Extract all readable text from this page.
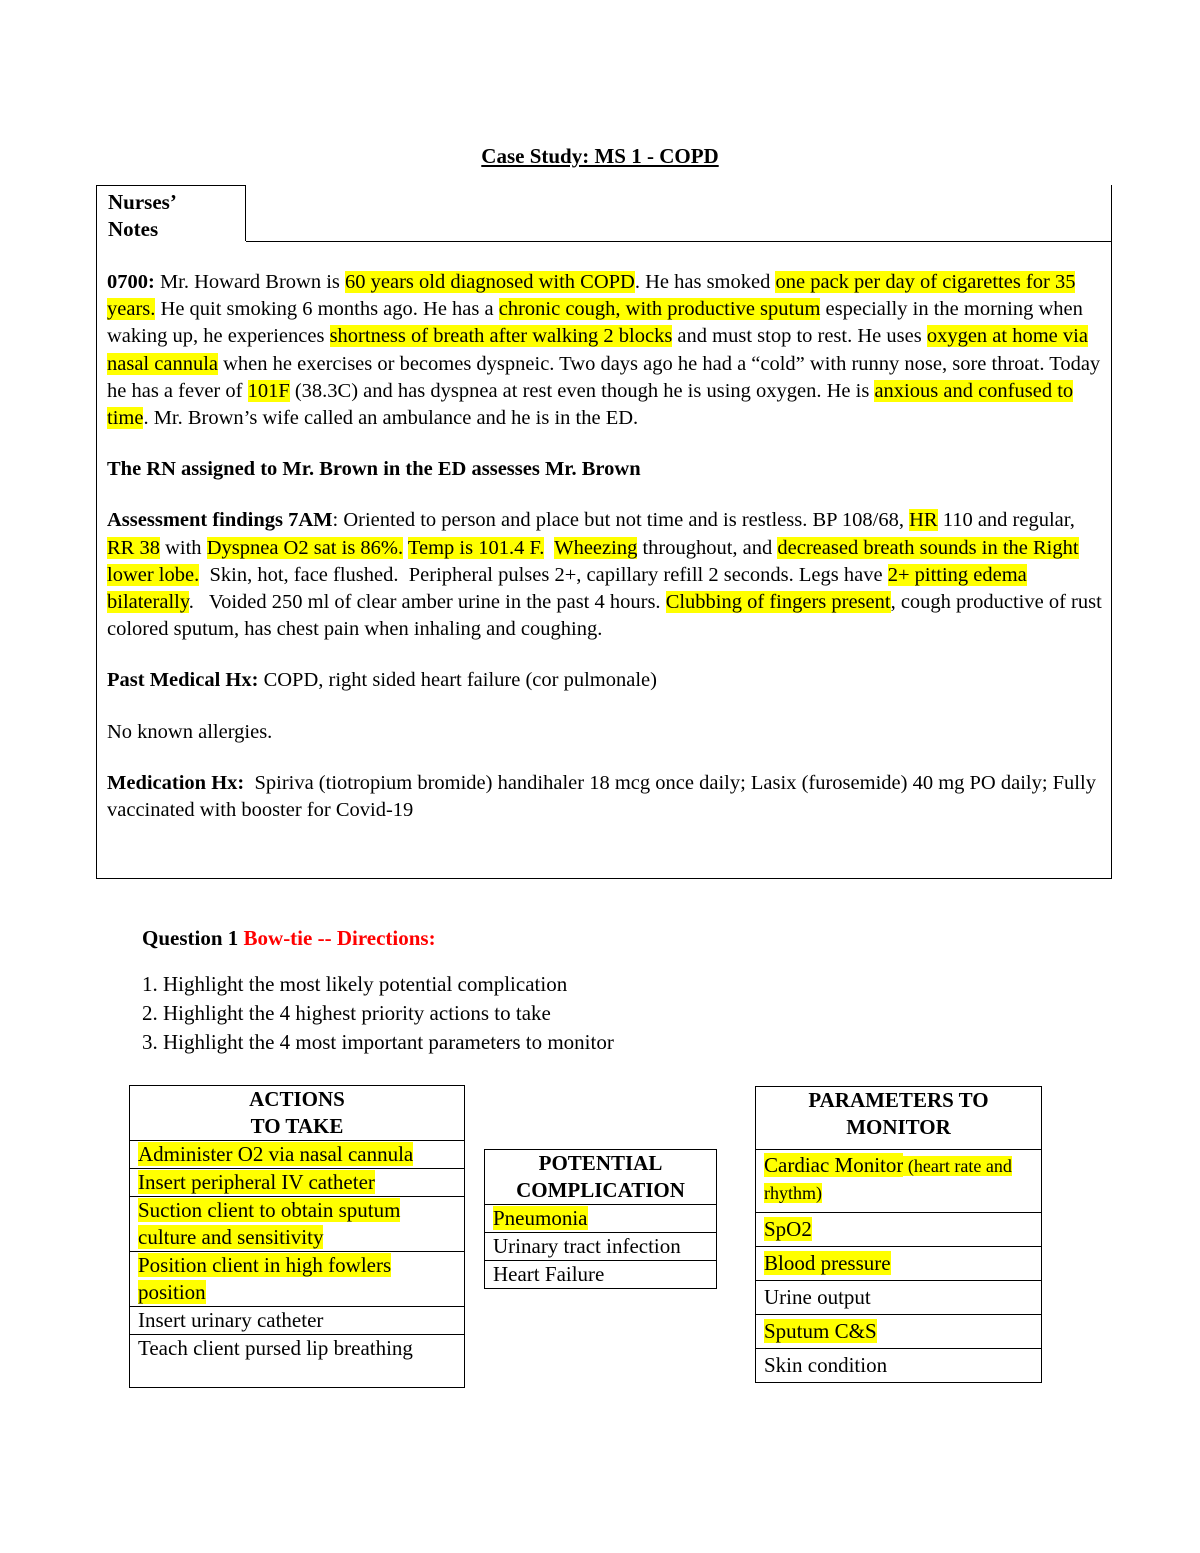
Case Study: MS 1 - COPD
Nurses’
Notes

0700: Mr. Howard Brown is 60 years old diagnosed with COPD. He has smoked one pack per day of cigarettes for 35 years. He quit smoking 6 months ago. He has a chronic cough, with productive sputum especially in the morning when waking up, he experiences shortness of breath after walking 2 blocks and must stop to rest. He uses oxygen at home via nasal cannula when he exercises or becomes dyspneic. Two days ago he had a “cold” with runny nose, sore throat. Today he has a fever of 101F (38.3C) and has dyspnea at rest even though he is using oxygen. He is anxious and confused to time. Mr. Brown’s wife called an ambulance and he is in the ED.

The RN assigned to Mr. Brown in the ED assesses Mr. Brown

Assessment findings 7AM: Oriented to person and place but not time and is restless. BP 108/68, HR 110 and regular, RR 38 with Dyspnea O2 sat is 86%. Temp is 101.4 F. Wheezing throughout, and decreased breath sounds in the Right lower lobe.  Skin, hot, face flushed.  Peripheral pulses 2+, capillary refill 2 seconds. Legs have 2+ pitting edema bilaterally.   Voided 250 ml of clear amber urine in the past 4 hours. Clubbing of fingers present, cough productive of rust colored sputum, has chest pain when inhaling and coughing.

Past Medical Hx: COPD, right sided heart failure (cor pulmonale)

No known allergies.

Medication Hx:  Spiriva (tiotropium bromide) handihaler 18 mcg once daily; Lasix (furosemide) 40 mg PO daily; Fully vaccinated with booster for Covid-19

Question 1 Bow-tie -- Directions:
1. Highlight the most likely potential complication
2. Highlight the 4 highest priority actions to take
3. Highlight the 4 most important parameters to monitor
ACTIONS
TO TAKE

Administer O2 via nasal cannula
Insert peripheral IV catheter
Suction client to obtain sputum culture and sensitivity
Position client in high fowlers position
Insert urinary catheter
Teach client pursed lip breathing
POTENTIAL
COMPLICATION

Pneumonia
Urinary tract infection
Heart Failure
PARAMETERS TO
MONITOR

Cardiac Monitor (heart rate and rhythm)
SpO2
Blood pressure
Urine output
Sputum C&S
Skin condition
